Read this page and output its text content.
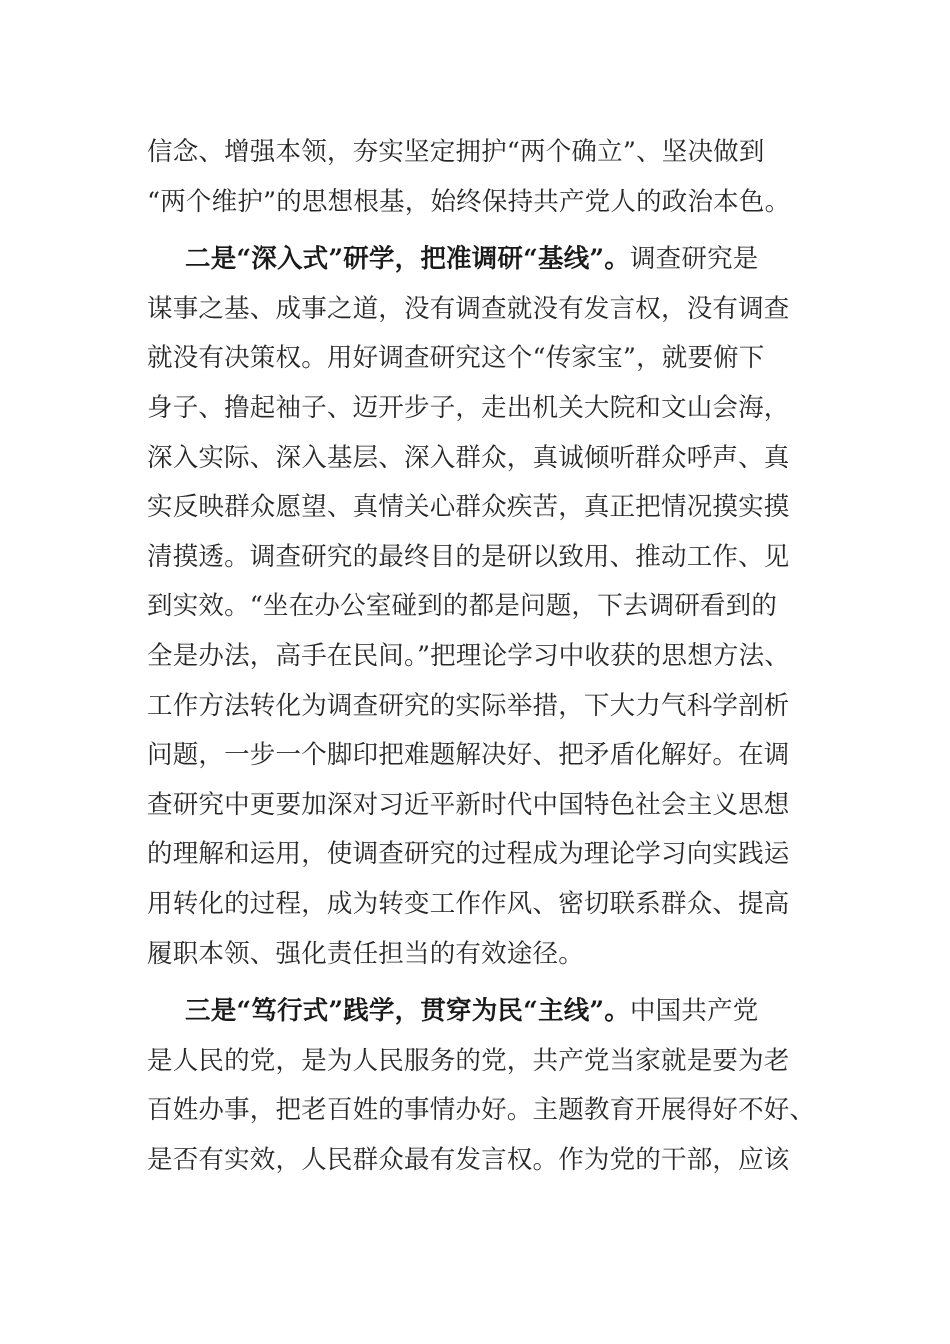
信念、增强本领，夯实坚定拥护“两个确立”、坚决做到
“两个维护”的思想根基，始终保持共产党人的政治本色。
二是“深入式”研学，把准调研“基线”。调查研究是
谋事之基、成事之道，没有调查就没有发言权，没有调查
就没有决策权。用好调查研究这个“传家宝”，就要俯下
身子、撸起袖子、迈开步子，走出机关大院和文山会海，
深入实际、深入基层、深入群众，真诚倾听群众呼声、真
实反映群众愿望、真情关心群众疾苦，真正把情况摸实摸
清摸透。调查研究的最终目的是研以致用、推动工作、见
到实效。“坐在办公室碰到的都是问题，下去调研看到的
全是办法，高手在民间。”把理论学习中收获的思想方法、
工作方法转化为调查研究的实际举措，下大力气科学剖析
问题，一步一个脚印把难题解决好、把矛盾化解好。在调
查研究中更要加深对习近平新时代中国特色社会主义思想
的理解和运用，使调查研究的过程成为理论学习向实践运
用转化的过程，成为转变工作作风、密切联系群众、提高
履职本领、强化责任担当的有效途径。
三是“笃行式”践学，贯穿为民“主线”。中国共产党
是人民的党，是为人民服务的党，共产党当家就是要为老
百姓办事，把老百姓的事情办好。主题教育开展得好不好、
是否有实效，人民群众最有发言权。作为党的干部，应该
